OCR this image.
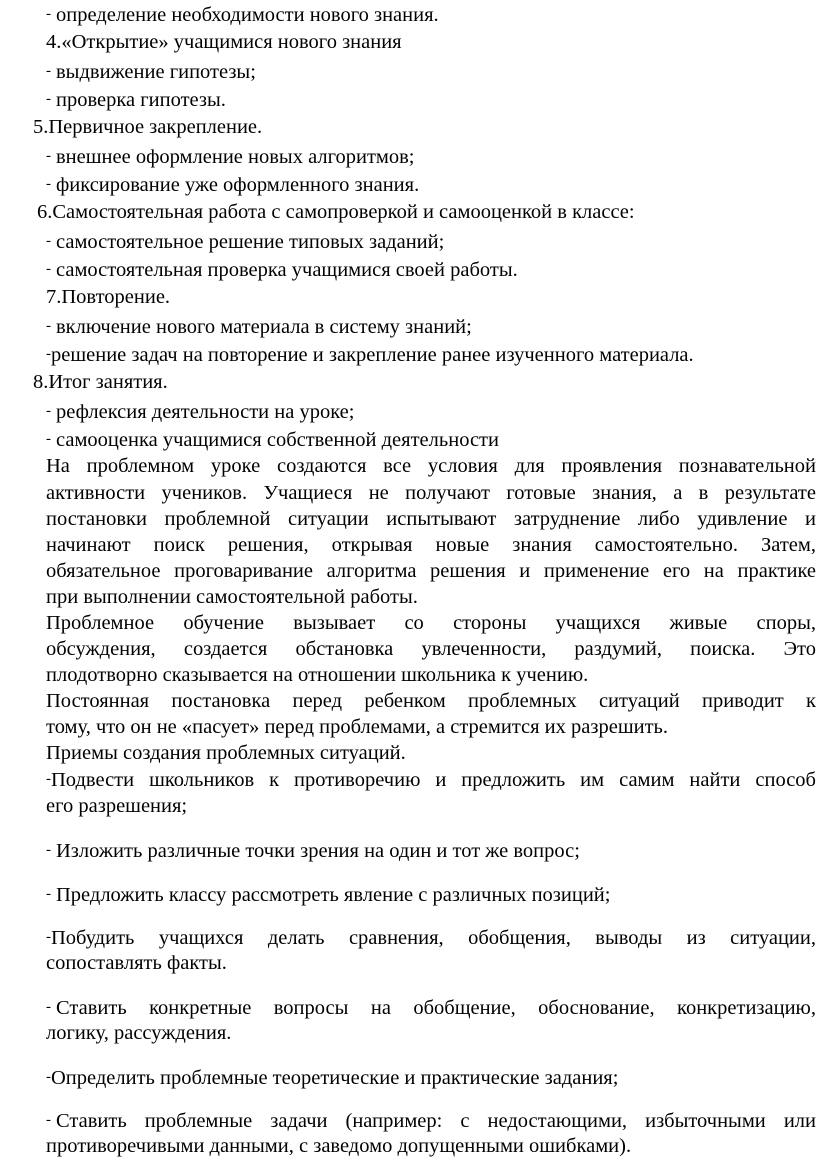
- определение необходимости нового знания.
4.«Открытие» учащимися нового знания
- выдвижение гипотезы;
- проверка гипотезы.
5.Первичное закрепление.
- внешнее оформление новых алгоритмов;
- фиксирование уже оформленного знания.
6.Самостоятельная работа с самопроверкой и самооценкой в классе:
- самостоятельное решение типовых заданий;
- самостоятельная проверка учащимися своей работы.
7.Повторение.
- включение нового материала в систему знаний;
-решение задач на повторение и закрепление ранее изученного материала.
8.Итог занятия.
- рефлексия деятельности на уроке;
- самооценка учащимися собственной деятельности
На проблемном уроке создаются все условия для проявления познавательной
активности учеников. Учащиеся не получают готовые знания, а в результате
постановки проблемной ситуации испытывают затруднение либо удивление и
начинают поиск решения, открывая новые знания самостоятельно. Затем,
обязательное проговаривание алгоритма решения и применение его на практике
при выполнении самостоятельной работы.
Проблемное обучение вызывает со стороны учащихся живые споры,
обсуждения, создается обстановка увлеченности, раздумий, поиска. Это
плодотворно сказывается на отношении школьника к учению.
Постоянная постановка перед ребенком проблемных ситуаций приводит к
тому, что он не «пасует» перед проблемами, а стремится их разрешить.
Приемы создания проблемных ситуаций.
-Подвести школьников к противоречию и предложить им самим найти способ
его разрешения;
- Изложить различные точки зрения на один и тот же вопрос;
- Предложить классу рассмотреть явление с различных позиций;
-Побудить учащихся делать сравнения, обобщения, выводы из ситуации,
сопоставлять факты.
- Ставить конкретные вопросы на обобщение, обоснование, конкретизацию,
логику, рассуждения.
-Определить проблемные теоретические и практические задания;
- Ставить проблемные задачи (например: с недостающими, избыточными или
противоречивыми данными, с заведомо допущенными ошибками).
